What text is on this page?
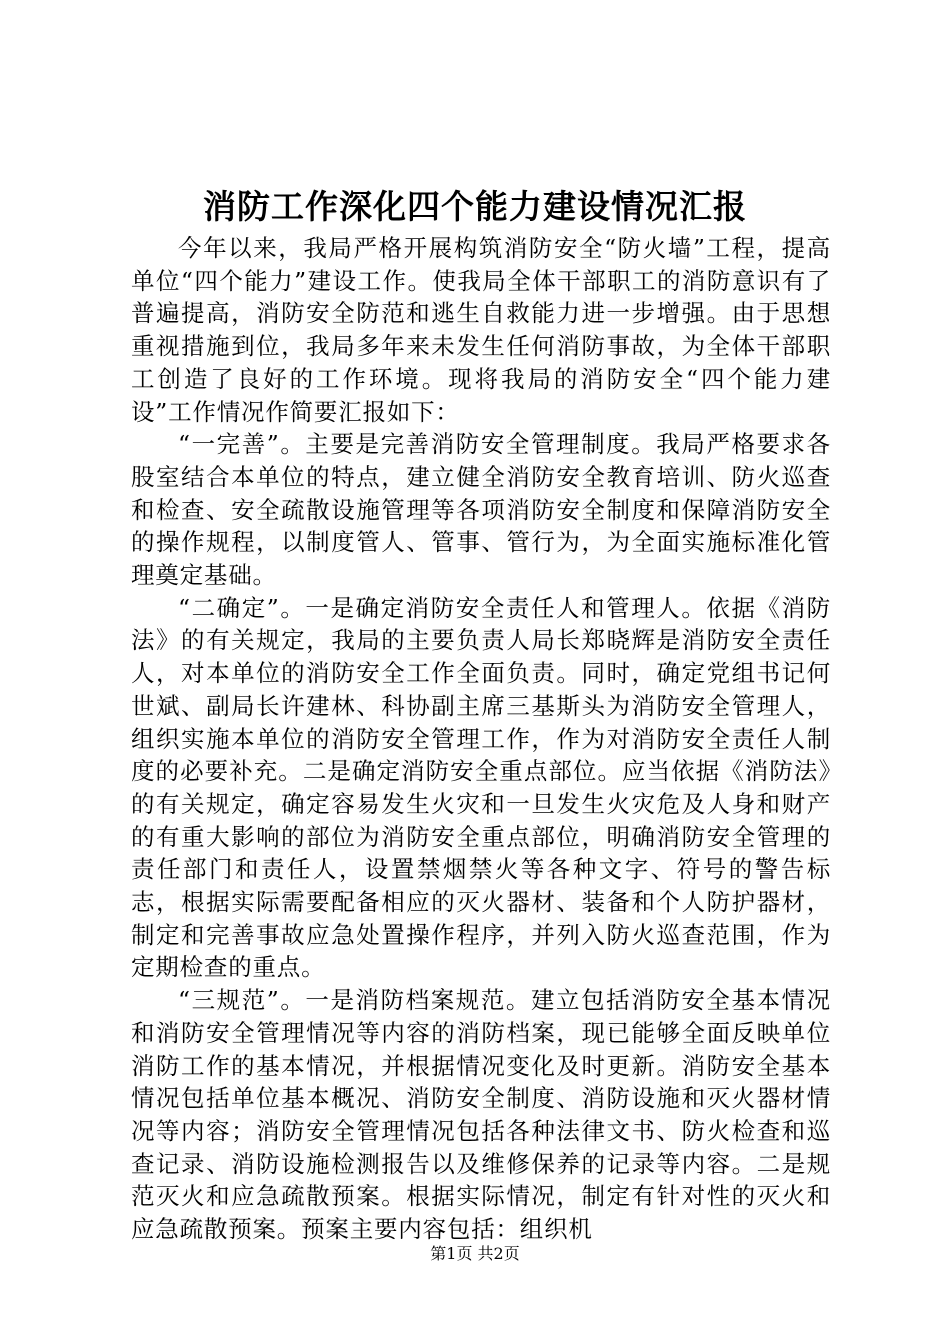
消防工作深化四个能力建设情况汇报

今年以来，我局严格开展构筑消防安全“防火墙”工程，提高单位“四个能力”建设工作。使我局全体干部职工的消防意识有了普遍提高，消防安全防范和逃生自救能力进一步增强。由于思想重视措施到位，我局多年来未发生任何消防事故，为全体干部职工创造了良好的工作环境。现将我局的消防安全“四个能力建设”工作情况作简要汇报如下：

“一完善”。主要是完善消防安全管理制度。我局严格要求各股室结合本单位的特点，建立健全消防安全教育培训、防火巡查和检查、安全疏散设施管理等各项消防安全制度和保障消防安全的操作规程，以制度管人、管事、管行为，为全面实施标准化管理奠定基础。

“二确定”。一是确定消防安全责任人和管理人。依据《消防法》的有关规定，我局的主要负责人局长郑晓辉是消防安全责任人，对本单位的消防安全工作全面负责。同时，确定党组书记何世斌、副局长许建林、科协副主席三基斯头为消防安全管理人，组织实施本单位的消防安全管理工作，作为对消防安全责任人制度的必要补充。二是确定消防安全重点部位。应当依据《消防法》的有关规定，确定容易发生火灾和一旦发生火灾危及人身和财产的有重大影响的部位为消防安全重点部位，明确消防安全管理的责任部门和责任人，设置禁烟禁火等各种文字、符号的警告标志，根据实际需要配备相应的灭火器材、装备和个人防护器材，制定和完善事故应急处置操作程序，并列入防火巡查范围，作为定期检查的重点。

“三规范”。一是消防档案规范。建立包括消防安全基本情况和消防安全管理情况等内容的消防档案，现已能够全面反映单位消防工作的基本情况，并根据情况变化及时更新。消防安全基本情况包括单位基本概况、消防安全制度、消防设施和灭火器材情况等内容；消防安全管理情况包括各种法律文书、防火检查和巡查记录、消防设施检测报告以及维修保养的记录等内容。二是规范灭火和应急疏散预案。根据实际情况，制定有针对性的灭火和应急疏散预案。预案主要内容包括：组织机

第1页 共2页
